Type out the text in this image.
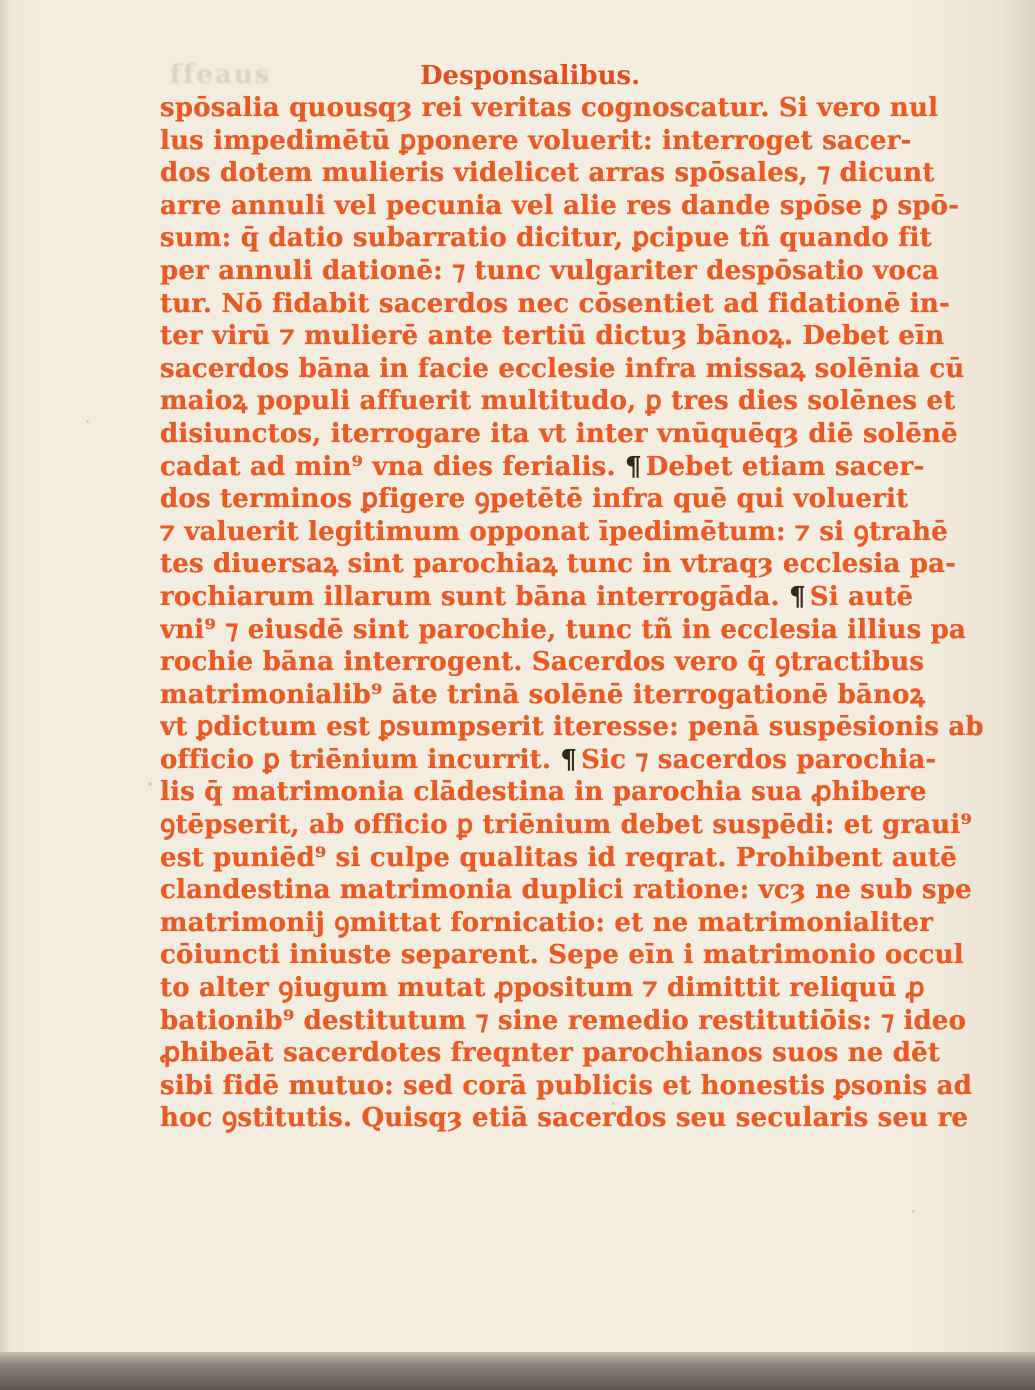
ffeaus	Desponsalibus.
spōsalia quousqȝ rei veritas cognoscatur. Si vero nul
lus impedimētū ꝑponere voluerit: interroget sacer-
dos dotem mulieris videlicet arras spōsales, ⁊ dicunt
arre annuli vel pecunia vel alie res dande spōse ꝑ spō-
sum: q̄ datio subarratio dicitur, ꝑcipue tñ quando fit
per annuli dationē: ⁊ tunc vulgariter despōsatio voca
tur. Nō fidabit sacerdos nec cōsentiet ad fidationē in-
ter virū ⁊ mulierē ante tertiū dictuȝ bānoꝝ. Debet eīn
sacerdos bāna in facie ecclesie infra missaꝝ solēnia cū
maioꝝ populi affuerit multitudo, ꝑ tres dies solēnes et
disiunctos, iterrogare ita vt inter vnūquēqȝ diē solēnē
cadat ad min⁹ vna dies ferialis. ¶ Debet etiam sacer-
dos terminos ꝑfigere ꝯpetētē infra quē qui voluerit
⁊ valuerit legitimum opponat īpedimētum: ⁊ si ꝯtrahē
tes diuersaꝝ sint parochiaꝝ tunc in vtraqȝ ecclesia pa-
rochiarum illarum sunt bāna interrogāda. ¶ Si autē
vni⁹ ⁊ eiusdē sint parochie, tunc tñ in ecclesia illius pa
rochie bāna interrogent. Sacerdos vero q̄ ꝯtractibus
matrimonialib⁹ āte trinā solēnē iterrogationē bānoꝝ
vt ꝑdictum est ꝑsumpserit iteresse: penā suspēsionis ab
officio ꝑ triēnium incurrit. ¶ Sic ⁊ sacerdos parochia-
lis q̄ matrimonia clādestina in parochia sua ꝓhibere
ꝯtēpserit, ab officio ꝑ triēnium debet suspēdi: et graui⁹
est puniēd⁹ si culpe qualitas id reqrat. Prohibent autē
clandestina matrimonia duplici ratione: vcȝ ne sub spe
matrimonij ꝯmittat fornicatio: et ne matrimonialiter
cōiuncti iniuste separent. Sepe eīn i matrimonio occul
to alter ꝯiugum mutat ꝓpositum ⁊ dimittit reliquū ꝓ
bationib⁹ destitutum ⁊ sine remedio restitutiōis: ⁊ ideo
ꝓhibeāt sacerdotes freqnter parochianos suos ne dēt
sibi fidē mutuo: sed corā publicis et honestis ꝑsonis ad
hoc ꝯstitutis. Quisqȝ etiā sacerdos seu secularis seu re
